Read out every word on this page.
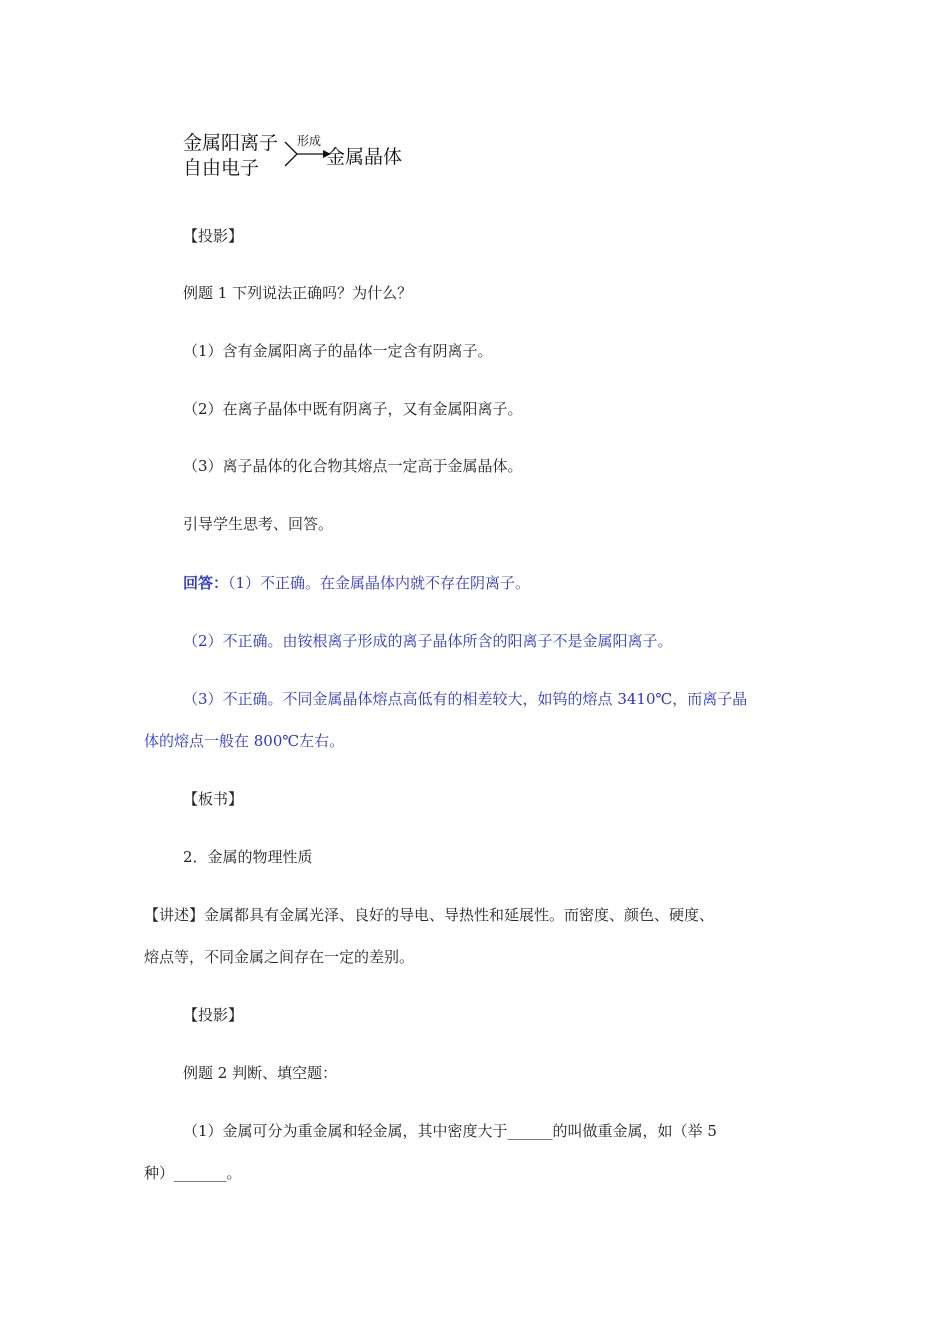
金属阳离子
自由电子
形成
金属晶体

【投影】

例题 1 下列说法正确吗？为什么？

（1）含有金属阳离子的晶体一定含有阴离子。

（2）在离子晶体中既有阴离子，又有金属阳离子。

（3）离子晶体的化合物其熔点一定高于金属晶体。

引导学生思考、回答。

回答：（1）不正确。在金属晶体内就不存在阴离子。

（2）不正确。由铵根离子形成的离子晶体所含的阳离子不是金属阳离子。

（3）不正确。不同金属晶体熔点高低有的相差较大，如钨的熔点 3410℃，而离子晶

体的熔点一般在 800℃左右。

【板书】

2．金属的物理性质

【讲述】金属都具有金属光泽、良好的导电、导热性和延展性。而密度、颜色、硬度、

熔点等，不同金属之间存在一定的差别。

【投影】

例题 2 判断、填空题：

（1）金属可分为重金属和轻金属，其中密度大于______的叫做重金属，如（举 5

种）_______。
